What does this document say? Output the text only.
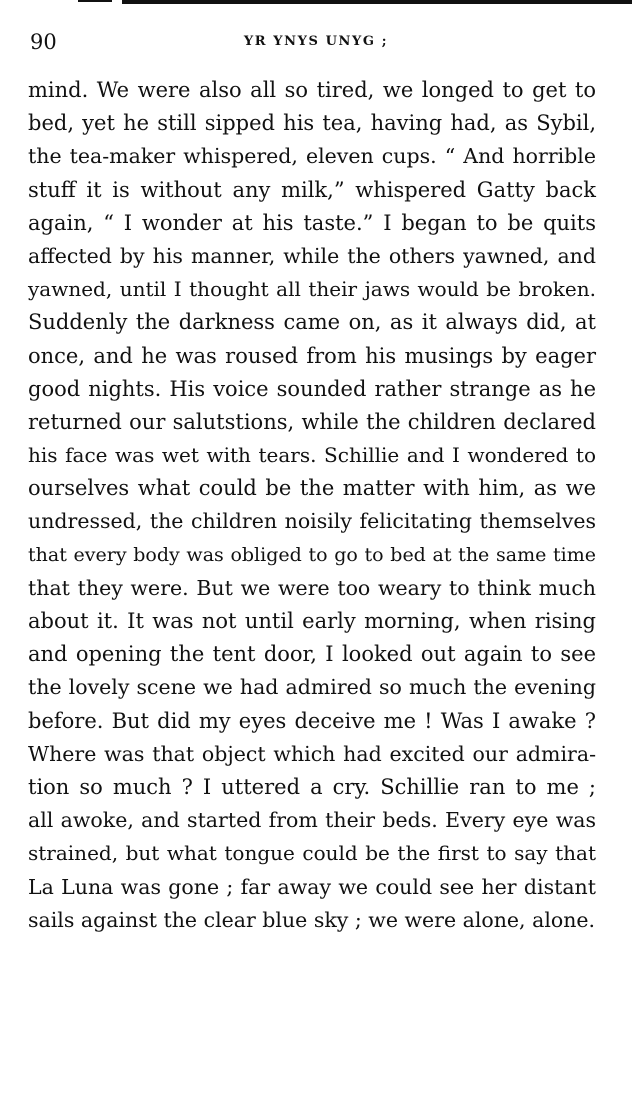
90	YR YNYS UNYG ;
mind. We were also all so tired, we longed to get to
bed, yet he still sipped his tea, having had, as Sybil,
the tea-maker whispered, eleven cups. “ And horrible
stuff it is without any milk,” whispered Gatty back
again, “ I wonder at his taste.” I began to be quits
affected by his manner, while the others yawned, and
yawned, until I thought all their jaws would be broken.
Suddenly the darkness came on, as it always did, at
once, and he was roused from his musings by eager
good nights. His voice sounded rather strange as he
returned our salutstions, while the children declared
his face was wet with tears. Schillie and I wondered to
ourselves what could be the matter with him, as we
undressed, the children noisily felicitating themselves
that every body was obliged to go to bed at the same time
that they were. But we were too weary to think much
about it. It was not until early morning, when rising
and opening the tent door, I looked out again to see
the lovely scene we had admired so much the evening
before. But did my eyes deceive me ! Was I awake ?
Where was that object which had excited our admira-
tion so much ? I uttered a cry. Schillie ran to me ;
all awoke, and started from their beds. Every eye was
strained, but what tongue could be the first to say that
La Luna was gone ; far away we could see her distant
sails against the clear blue sky ; we were alone, alone.
